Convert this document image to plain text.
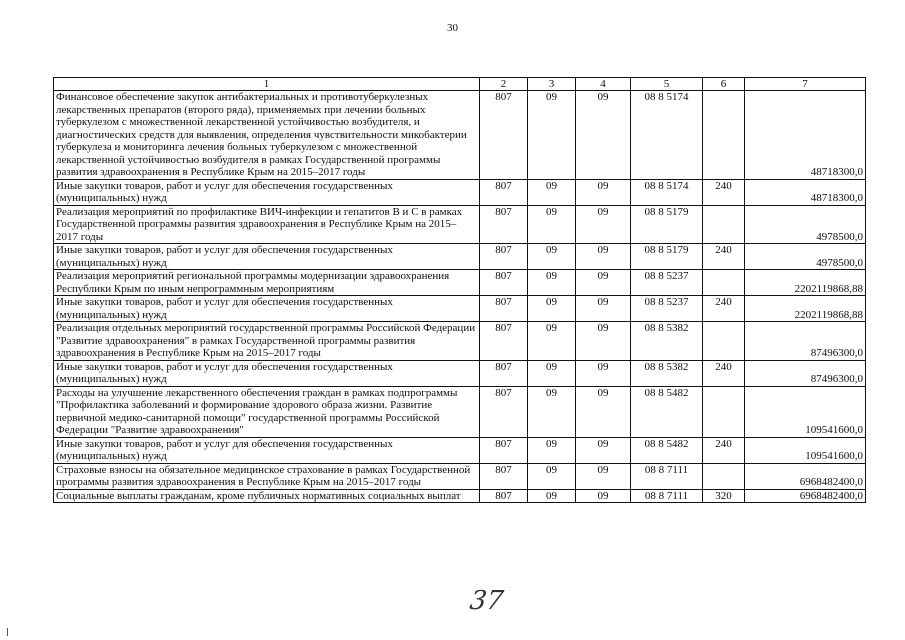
30
1	2	3	4	5	6	7
Финансовое обеспечение закупок антибактериальных и противотуберкулезных лекарственных препаратов (второго ряда), применяемых при лечении больных туберкулезом с множественной лекарственной устойчивостью возбудителя, и диагностических средств для выявления, определения чувствительности микобактерии туберкулеза и мониторинга лечения больных туберкулезом с множественной лекарственной устойчивостью возбудителя в рамках Государственной программы развития здравоохранения в Республике Крым на 2015–2017 годы	807	09	09	08 8 5174		48718300,0
Иные закупки товаров, работ и услуг для обеспечения государственных (муниципальных) нужд	807	09	09	08 8 5174	240	48718300,0
Реализация мероприятий по профилактике ВИЧ-инфекции и гепатитов В и С в рамках Государственной программы развития здравоохранения в Республике Крым на 2015–2017 годы	807	09	09	08 8 5179		4978500,0
Иные закупки товаров, работ и услуг для обеспечения государственных (муниципальных) нужд	807	09	09	08 8 5179	240	4978500,0
Реализация мероприятий региональной программы модернизации здравоохранения Республики Крым по иным непрограммным мероприятиям	807	09	09	08 8 5237		2202119868,88
Иные закупки товаров, работ и услуг для обеспечения государственных (муниципальных) нужд	807	09	09	08 8 5237	240	2202119868,88
Реализация отдельных мероприятий государственной программы Российской Федерации "Развитие здравоохранения" в рамках Государственной программы развития здравоохранения в Республике Крым на 2015–2017 годы	807	09	09	08 8 5382		87496300,0
Иные закупки товаров, работ и услуг для обеспечения государственных (муниципальных) нужд	807	09	09	08 8 5382	240	87496300,0
Расходы на улучшение лекарственного обеспечения граждан в рамках подпрограммы "Профилактика заболеваний и формирование здорового образа жизни. Развитие первичной медико-санитарной помощи" государственной программы Российской Федерации "Развитие здравоохранения"	807	09	09	08 8 5482		109541600,0
Иные закупки товаров, работ и услуг для обеспечения государственных (муниципальных) нужд	807	09	09	08 8 5482	240	109541600,0
Страховые взносы на обязательное медицинское страхование в рамках Государственной программы развития здравоохранения в Республике Крым на 2015–2017 годы	807	09	09	08 8 7111		6968482400,0
Социальные выплаты гражданам, кроме публичных нормативных социальных выплат	807	09	09	08 8 7111	320	6968482400,0
37
